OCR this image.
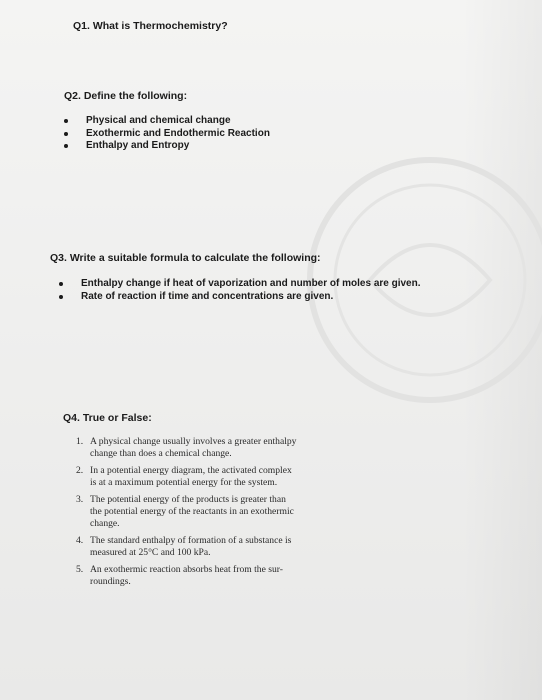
Q1. What is Thermochemistry?
Q2. Define the following:
Physical and chemical change
Exothermic and Endothermic Reaction
Enthalpy and Entropy
Q3. Write a suitable formula to calculate the following:
Enthalpy change if heat of vaporization and number of moles are given.
Rate of reaction if time and concentrations are given.
Q4. True or False:
1. A physical change usually involves a greater enthalpy
change than does a chemical change.
2. In a potential energy diagram, the activated complex
is at a maximum potential energy for the system.
3. The potential energy of the products is greater than
the potential energy of the reactants in an exothermic
change.
4. The standard enthalpy of formation of a substance is
measured at 25°C and 100 kPa.
5. An exothermic reaction absorbs heat from the sur-
roundings.
